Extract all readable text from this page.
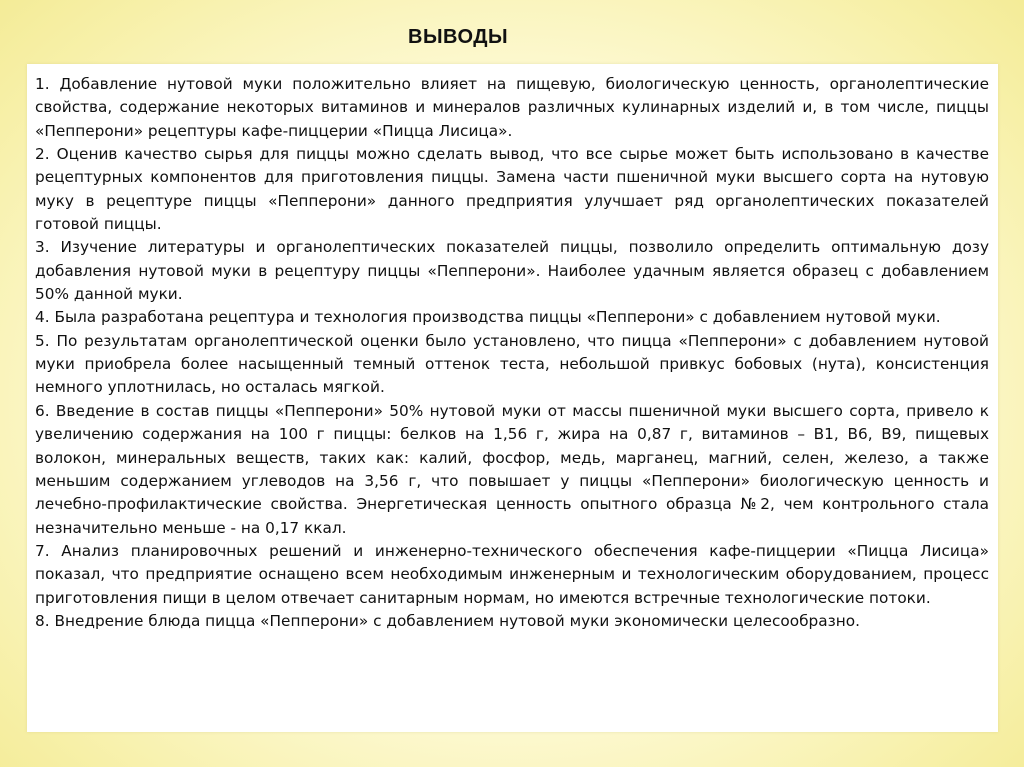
ВЫВОДЫ
1. Добавление нутовой муки положительно влияет на пищевую, биологическую ценность, органолептические свойства, содержание некоторых витаминов и минералов различных кулинарных изделий и, в том числе, пиццы «Пепперони» рецептуры кафе-пиццерии «Пицца Лисица».
2. Оценив качество сырья для пиццы можно сделать вывод, что все сырье может быть использовано в качестве рецептурных компонентов для приготовления пиццы. Замена части пшеничной муки высшего сорта на нутовую муку в рецептуре пиццы «Пепперони» данного предприятия улучшает ряд органолептических показателей готовой пиццы.
3. Изучение литературы и органолептических показателей пиццы, позволило определить оптимальную дозу добавления нутовой муки в рецептуру пиццы «Пепперони». Наиболее удачным является образец с добавлением 50% данной муки.
4. Была разработана рецептура и технология производства пиццы «Пепперони» с добавлением нутовой муки.
5. По результатам органолептической оценки было установлено, что пицца «Пепперони» с добавлением нутовой муки приобрела более насыщенный темный оттенок теста, небольшой привкус бобовых (нута), консистенция немного уплотнилась, но осталась мягкой.
6. Введение в состав пиццы «Пепперони» 50% нутовой муки от массы пшеничной муки высшего сорта, привело к увеличению содержания на 100 г пиццы: белков на 1,56 г, жира на 0,87 г, витаминов – В1, В6, В9, пищевых волокон, минеральных веществ, таких как: калий, фосфор, медь, марганец, магний, селен, железо, а также меньшим содержанием углеводов на 3,56 г, что повышает у пиццы «Пепперони» биологическую ценность и лечебно-профилактические свойства. Энергетическая ценность опытного образца №2, чем контрольного стала незначительно меньше - на 0,17 ккал.
7. Анализ планировочных решений и инженерно-технического обеспечения кафе-пиццерии «Пицца Лисица» показал, что предприятие оснащено всем необходимым инженерным и технологическим оборудованием, процесс приготовления пищи в целом отвечает санитарным нормам, но имеются встречные технологические потоки.
8. Внедрение блюда пицца «Пепперони» с добавлением нутовой муки экономически целесообразно.
